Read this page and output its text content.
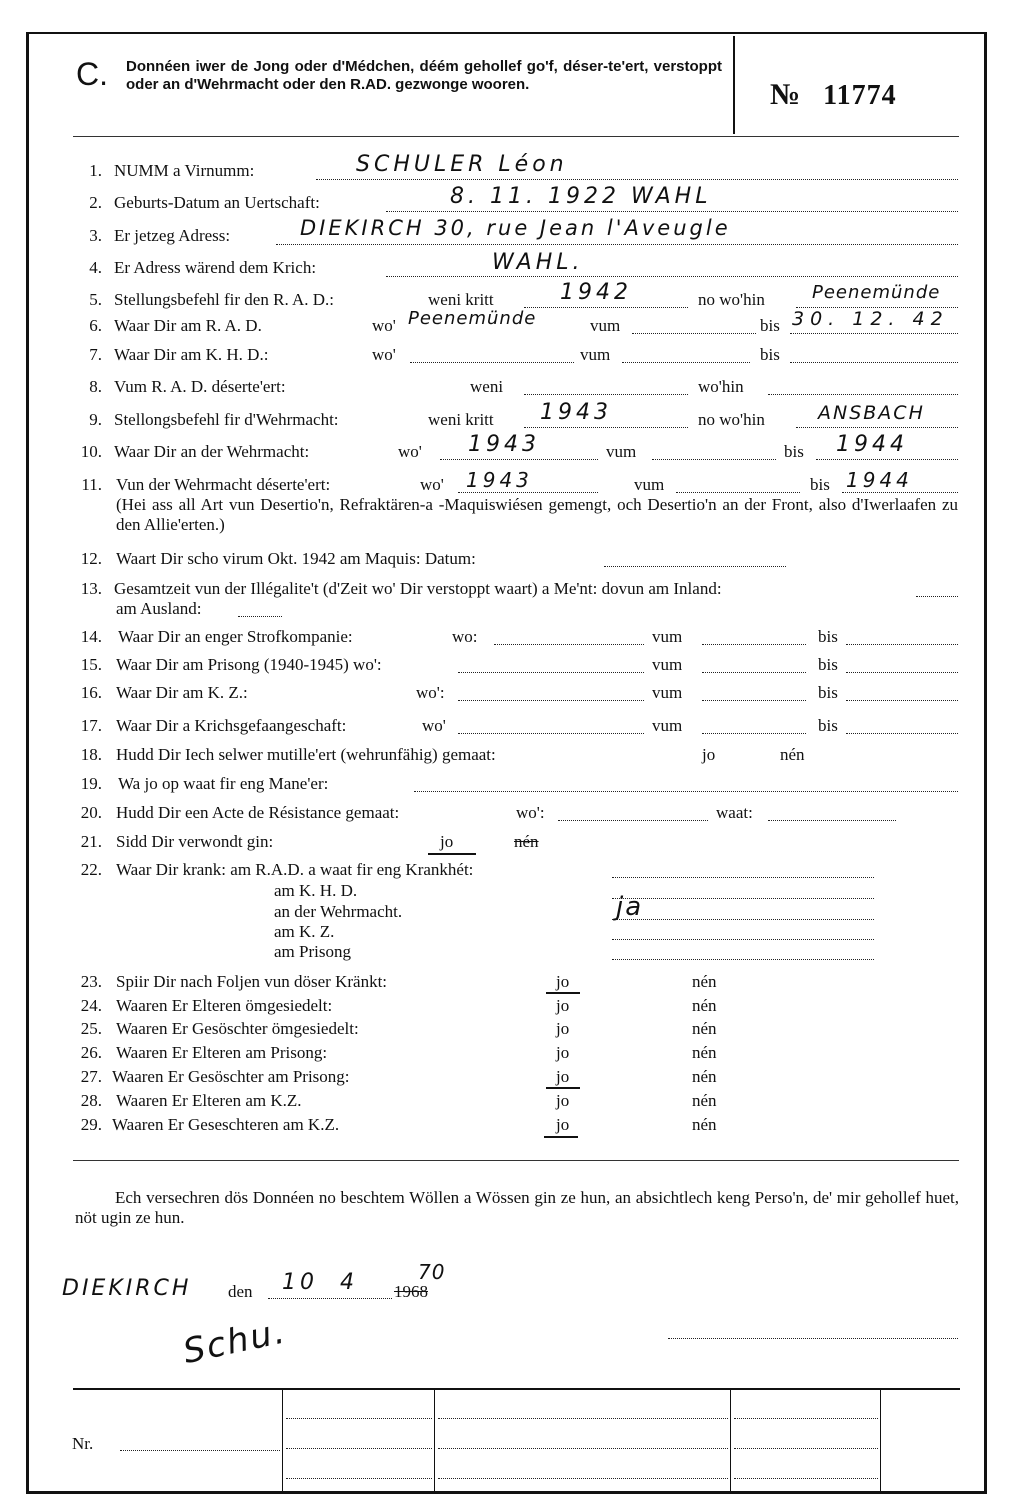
C. Donnéen iwer de Jong oder d'Médchen, déém gehollef go'f, déser-te'ert, verstoppt oder an d'Wehrmacht oder den R.AD. gezwonge wooren.	№ 11774
1. NUMM a Virnumm:	SCHULER Léon
2. Geburts-Datum an Uertschaft:	8. 11. 1922 WAHL
3. Er jetzeg Adress:	DIEKIRCH 30, rue Jean l'Aveugle
4. Er Adress wärend dem Krich:	WAHL.
5. Stellungsbefehl fir den R. A. D.:	weni kritt	1942	no wo'hin	Peenemünde
6. Waar Dir am R. A. D.	wo' Peenemünde	vum	bis 30. 12. 42
7. Waar Dir am K. H. D.:	wo'	vum	bis
8. Vum R. A. D. déserte'ert:	weni	wo'hin
9. Stellongsbefehl fir d'Wehrmacht:	weni kritt 1943	no wo'hin	ANSBACH
10. Waar Dir an der Wehrmacht:	wo' 1943	vum	bis 1944
11. Vun der Wehrmacht déserte'ert:	wo' 1943	vum	bis 1944
(Hei ass all Art vun Desertio'n, Refraktären-a -Maquiswiésen gemengt, och Desertio'n an der Front, also d'Iwerlaafen zu den Allie'erten.)
12. Waart Dir scho virum Okt. 1942 am Maquis: Datum:
13. Gesamtzeit vun der Illégalite't (d'Zeit wo' Dir verstoppt waart) a Me'nt: dovun am Inland:
am Ausland:
14. Waar Dir an enger Strofkompanie:	wo:	vum	bis
15. Waar Dir am Prisong (1940-1945) wo':	vum	bis
16. Waar Dir am K. Z.:	wo':	vum	bis
17. Waar Dir a Krichsgefaangeschaft:	wo'	vum	bis
18. Hudd Dir Iech selwer mutille'ert (wehrunfähig) gemaat:	jo	nén
19. Wa jo op waat fir eng Mane'er:
20. Hudd Dir een Acte de Résistance gemaat:	wo':	waat:
21. Sidd Dir verwondt gin:	jo	nén
22. Waar Dir krank: am R.A.D. a waat fir eng Krankhét:
am K. H. D.
an der Wehrmacht.	ja
am K. Z.
am Prisong
23. Spiir Dir nach Foljen vun döser Kränkt:	jo	nén
24. Waaren Er Elteren ömgesiedelt:	jo	nén
25. Waaren Er Gesöschter ömgesiedelt:	jo	nén
26. Waaren Er Elteren am Prisong:	jo	nén
27. Waaren Er Gesöschter am Prisong:	jo	nén
28. Waaren Er Elteren am K.Z.	jo	nén
29. Waaren Er Geseschteren am K.Z.	jo	nén
Ech versechren dös Donnéen no beschtem Wöllen a Wössen gin ze hun, an absichtlech keng Perso'n, de' mir gehollef huet, nöt ugin ze hun.
DIEKIRCH den 10 4 1968
70
Schu.
Nr.
